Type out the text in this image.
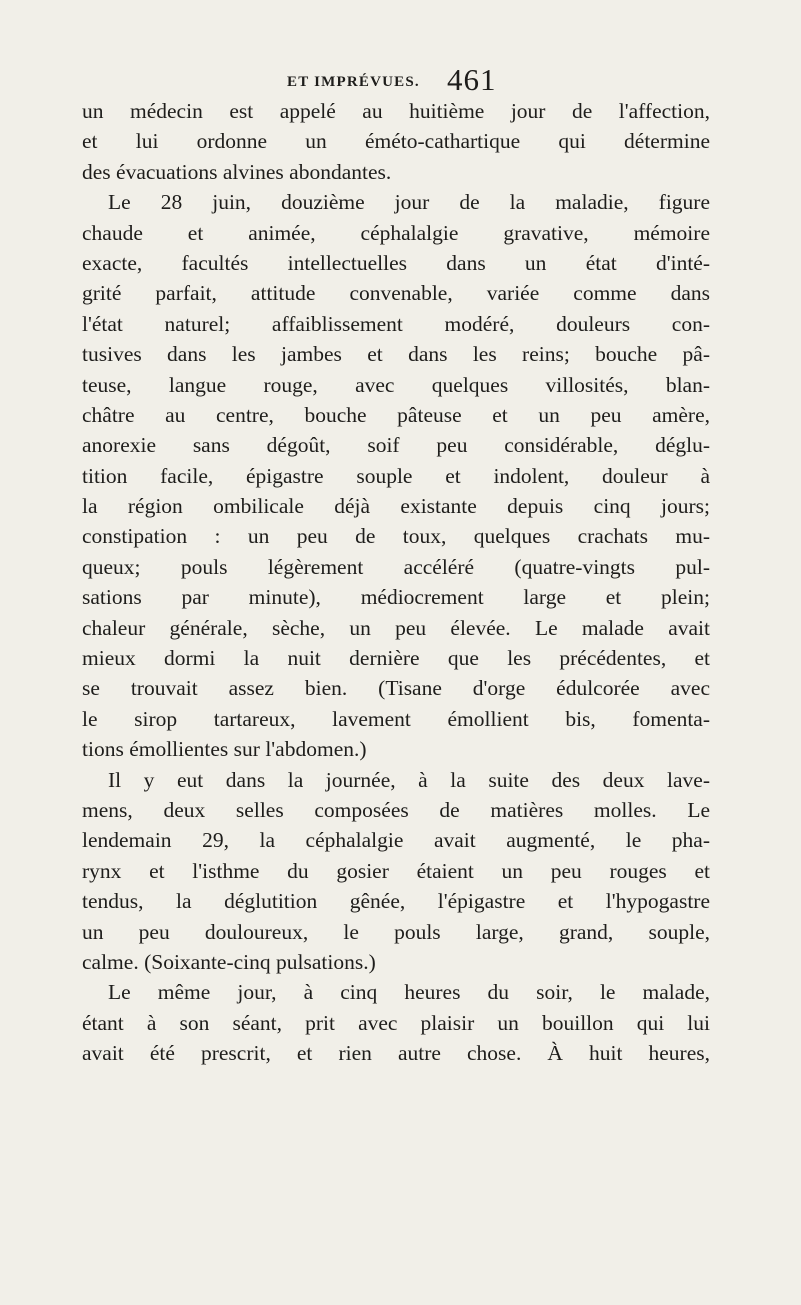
ET IMPRÉVUES. 461
un médecin est appelé au huitième jour de l'affection,
et lui ordonne un éméto-cathartique qui détermine
des évacuations alvines abondantes.
Le 28 juin, douzième jour de la maladie, figure
chaude et animée, céphalalgie gravative, mémoire
exacte, facultés intellectuelles dans un état d'inté-
grité parfait, attitude convenable, variée comme dans
l'état naturel; affaiblissement modéré, douleurs con-
tusives dans les jambes et dans les reins; bouche pâ-
teuse, langue rouge, avec quelques villosités, blan-
châtre au centre, bouche pâteuse et un peu amère,
anorexie sans dégoût, soif peu considérable, déglu-
tition facile, épigastre souple et indolent, douleur à
la région ombilicale déjà existante depuis cinq jours;
constipation : un peu de toux, quelques crachats mu-
queux; pouls légèrement accéléré (quatre-vingts pul-
sations par minute), médiocrement large et plein;
chaleur générale, sèche, un peu élevée. Le malade avait
mieux dormi la nuit dernière que les précédentes, et
se trouvait assez bien. (Tisane d'orge édulcorée avec
le sirop tartareux, lavement émollient bis, fomenta-
tions émollientes sur l'abdomen.)
Il y eut dans la journée, à la suite des deux lave-
mens, deux selles composées de matières molles. Le
lendemain 29, la céphalalgie avait augmenté, le pha-
rynx et l'isthme du gosier étaient un peu rouges et
tendus, la déglutition gênée, l'épigastre et l'hypogastre
un peu douloureux, le pouls large, grand, souple,
calme. (Soixante-cinq pulsations.)
Le même jour, à cinq heures du soir, le malade,
étant à son séant, prit avec plaisir un bouillon qui lui
avait été prescrit, et rien autre chose. À huit heures,
